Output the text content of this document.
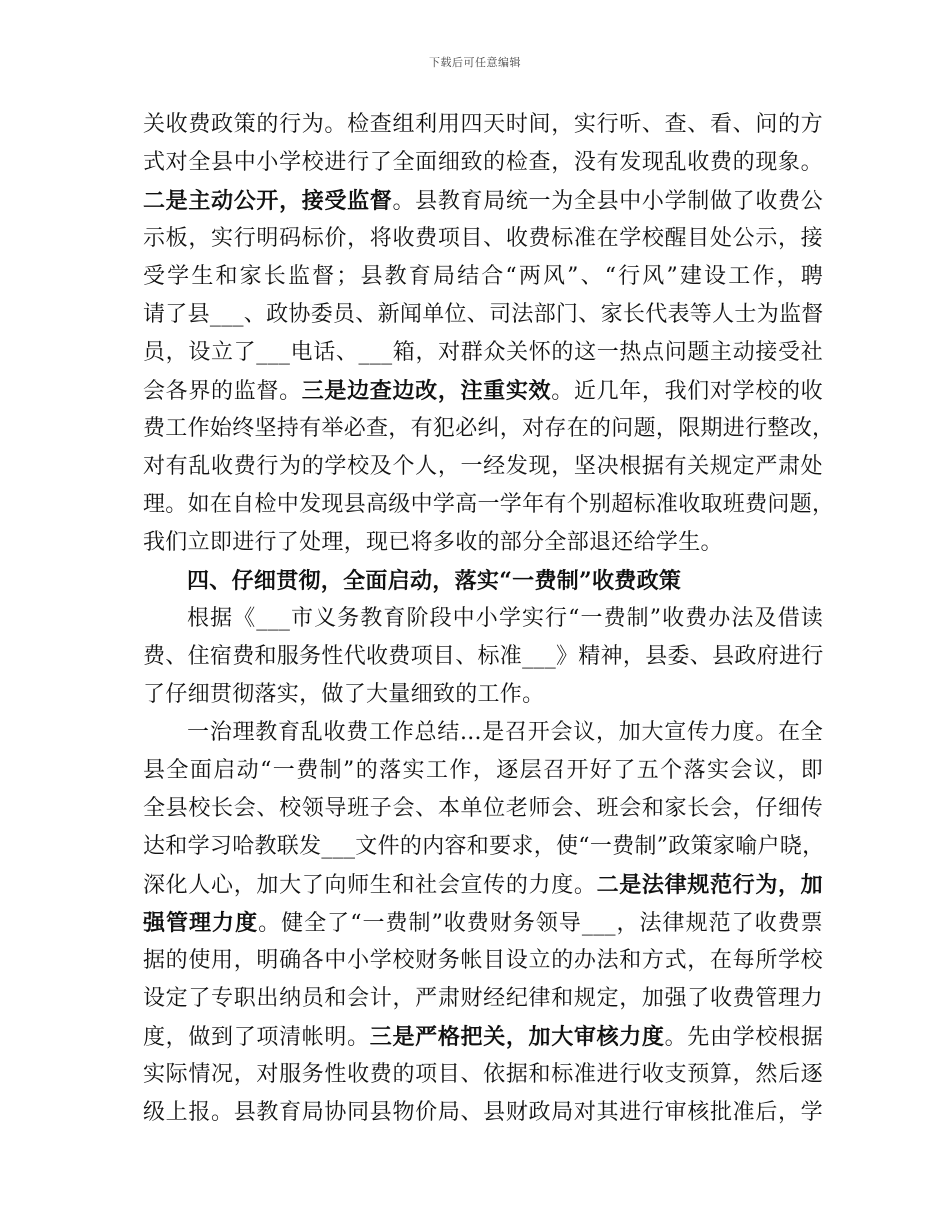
下载后可任意编辑
关收费政策的行为。检查组利用四天时间，实行听、查、看、问的方
式对全县中小学校进行了全面细致的检查，没有发现乱收费的现象。
二是主动公开，接受监督。县教育局统一为全县中小学制做了收费公
示板，实行明码标价，将收费项目、收费标准在学校醒目处公示，接
受学生和家长监督；县教育局结合“两风”、“行风”建设工作，聘
请了县___、政协委员、新闻单位、司法部门、家长代表等人士为监督
员，设立了___电话、___箱，对群众关怀的这一热点问题主动接受社
会各界的监督。三是边查边改，注重实效。近几年，我们对学校的收
费工作始终坚持有举必查，有犯必纠，对存在的问题，限期进行整改，
对有乱收费行为的学校及个人，一经发现，坚决根据有关规定严肃处
理。如在自检中发现县高级中学高一学年有个别超标准收取班费问题，
我们立即进行了处理，现已将多收的部分全部退还给学生。
四、仔细贯彻，全面启动，落实“一费制”收费政策
根据《___市义务教育阶段中小学实行“一费制”收费办法及借读
费、住宿费和服务性代收费项目、标准___》精神，县委、县政府进行
了仔细贯彻落实，做了大量细致的工作。
一治理教育乱收费工作总结...是召开会议，加大宣传力度。在全
县全面启动“一费制”的落实工作，逐层召开好了五个落实会议，即
全县校长会、校领导班子会、本单位老师会、班会和家长会，仔细传
达和学习哈教联发___文件的内容和要求，使“一费制”政策家喻户晓，
深化人心，加大了向师生和社会宣传的力度。二是法律规范行为，加
强管理力度。健全了“一费制”收费财务领导___，法律规范了收费票
据的使用，明确各中小学校财务帐目设立的办法和方式，在每所学校
设定了专职出纳员和会计，严肃财经纪律和规定，加强了收费管理力
度，做到了项清帐明。三是严格把关，加大审核力度。先由学校根据
实际情况，对服务性收费的项目、依据和标准进行收支预算，然后逐
级上报。县教育局协同县物价局、县财政局对其进行审核批准后，学
